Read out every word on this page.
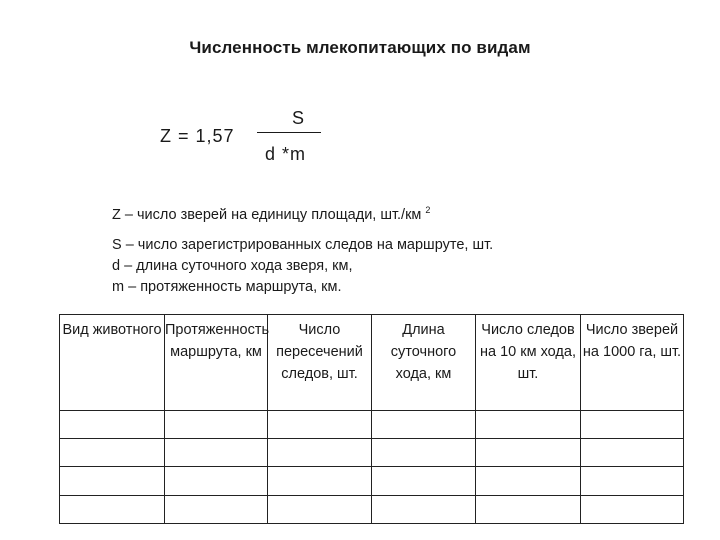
Численность млекопитающих по видам
Z = 1,57
S
d *m

Z – число зверей на единицу площади, шт./км $^2$

S – число зарегистрированных следов на маршруте, шт.

d – длина суточного хода зверя, км,

m – протяженность маршрута, км.

Вид животного	Протяженность маршрута, км	Число пересечений следов, шт.	Длина суточного хода, км	Число следов на 10 км хода, шт.	Число зверей на 1000 га, шт.
